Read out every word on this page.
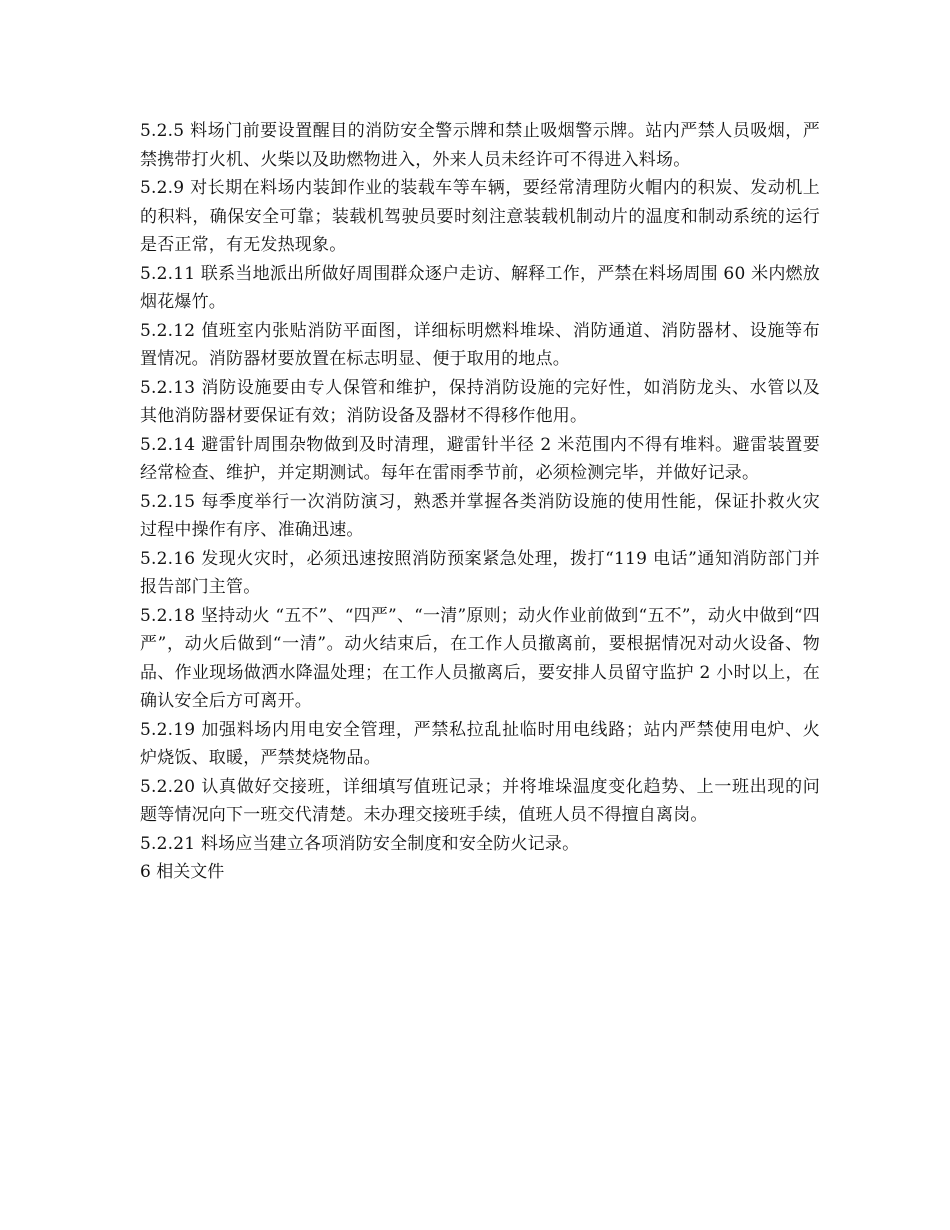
5.2.5 料场门前要设置醒目的消防安全警示牌和禁止吸烟警示牌。站内严禁人员吸烟，严禁携带打火机、火柴以及助燃物进入，外来人员未经许可不得进入料场。

5.2.9 对长期在料场内装卸作业的装载车等车辆，要经常清理防火帽内的积炭、发动机上的积料，确保安全可靠；装载机驾驶员要时刻注意装载机制动片的温度和制动系统的运行是否正常，有无发热现象。

5.2.11 联系当地派出所做好周围群众逐户走访、解释工作，严禁在料场周围 60 米内燃放烟花爆竹。

5.2.12 值班室内张贴消防平面图，详细标明燃料堆垛、消防通道、消防器材、设施等布置情况。消防器材要放置在标志明显、便于取用的地点。

5.2.13 消防设施要由专人保管和维护，保持消防设施的完好性，如消防龙头、水管以及其他消防器材要保证有效；消防设备及器材不得移作他用。

5.2.14 避雷针周围杂物做到及时清理，避雷针半径 2 米范围内不得有堆料。避雷装置要经常检查、维护，并定期测试。每年在雷雨季节前，必须检测完毕，并做好记录。

5.2.15 每季度举行一次消防演习，熟悉并掌握各类消防设施的使用性能，保证扑救火灾过程中操作有序、准确迅速。

5.2.16 发现火灾时，必须迅速按照消防预案紧急处理，拨打“119 电话”通知消防部门并报告部门主管。

5.2.18 坚持动火 “五不”、“四严”、“一清”原则；动火作业前做到“五不”，动火中做到“四严”，动火后做到“一清”。动火结束后，在工作人员撤离前，要根据情况对动火设备、物品、作业现场做洒水降温处理；在工作人员撤离后，要安排人员留守监护 2 小时以上，在确认安全后方可离开。

5.2.19 加强料场内用电安全管理，严禁私拉乱扯临时用电线路；站内严禁使用电炉、火炉烧饭、取暖，严禁焚烧物品。

5.2.20 认真做好交接班，详细填写值班记录；并将堆垛温度变化趋势、上一班出现的问题等情况向下一班交代清楚。未办理交接班手续，值班人员不得擅自离岗。

5.2.21 料场应当建立各项消防安全制度和安全防火记录。

6 相关文件
